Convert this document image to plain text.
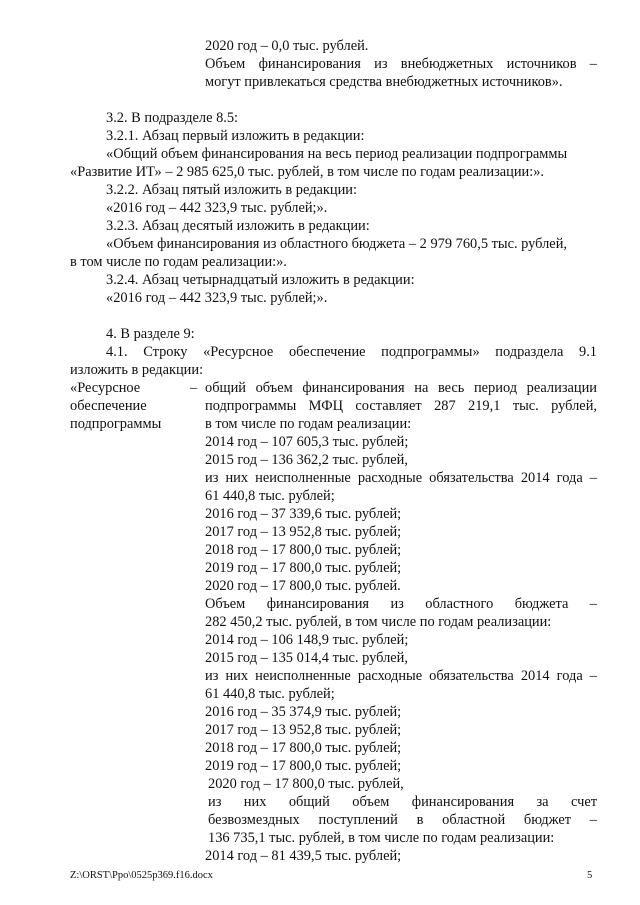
2020 год – 0,0 тыс. рублей.
Объем финансирования из внебюджетных источников –
могут привлекаться средства внебюджетных источников».
3.2. В подразделе 8.5:
3.2.1. Абзац первый изложить в редакции:
«Общий объем финансирования на весь период реализации подпрограммы
«Развитие ИТ» – 2 985 625,0 тыс. рублей, в том числе по годам реализации:».
3.2.2. Абзац пятый изложить в редакции:
«2016 год – 442 323,9 тыс. рублей;».
3.2.3. Абзац десятый изложить в редакции:
«Объем финансирования из областного бюджета – 2 979 760,5 тыс. рублей,
в том числе по годам реализации:».
3.2.4. Абзац четырнадцатый изложить в редакции:
«2016 год – 442 323,9 тыс. рублей;».
4. В разделе 9:
4.1. Строку «Ресурсное обеспечение подпрограммы» подраздела 9.1
изложить в редакции:
«Ресурсное
обеспечение
подпрограммы
– общий объем финансирования на весь период реализации
подпрограммы МФЦ составляет 287 219,1 тыс. рублей,
в том числе по годам реализации:
2014 год – 107 605,3 тыс. рублей;
2015 год – 136 362,2 тыс. рублей,
из них неисполненные расходные обязательства 2014 года –
61 440,8 тыс. рублей;
2016 год – 37 339,6 тыс. рублей;
2017 год – 13 952,8 тыс. рублей;
2018 год – 17 800,0 тыс. рублей;
2019 год – 17 800,0 тыс. рублей;
2020 год – 17 800,0 тыс. рублей.
Объем финансирования из областного бюджета –
282 450,2 тыс. рублей, в том числе по годам реализации:
2014 год – 106 148,9 тыс. рублей;
2015 год – 135 014,4 тыс. рублей,
из них неисполненные расходные обязательства 2014 года –
61 440,8 тыс. рублей;
2016 год – 35 374,9 тыс. рублей;
2017 год – 13 952,8 тыс. рублей;
2018 год – 17 800,0 тыс. рублей;
2019 год – 17 800,0 тыс. рублей;
2020 год – 17 800,0 тыс. рублей,
из них общий объем финансирования за счет
безвозмездных поступлений в областной бюджет –
136 735,1 тыс. рублей, в том числе по годам реализации:
2014 год – 81 439,5 тыс. рублей;
Z:\ORST\Ppo\0525p369.f16.docx	5
